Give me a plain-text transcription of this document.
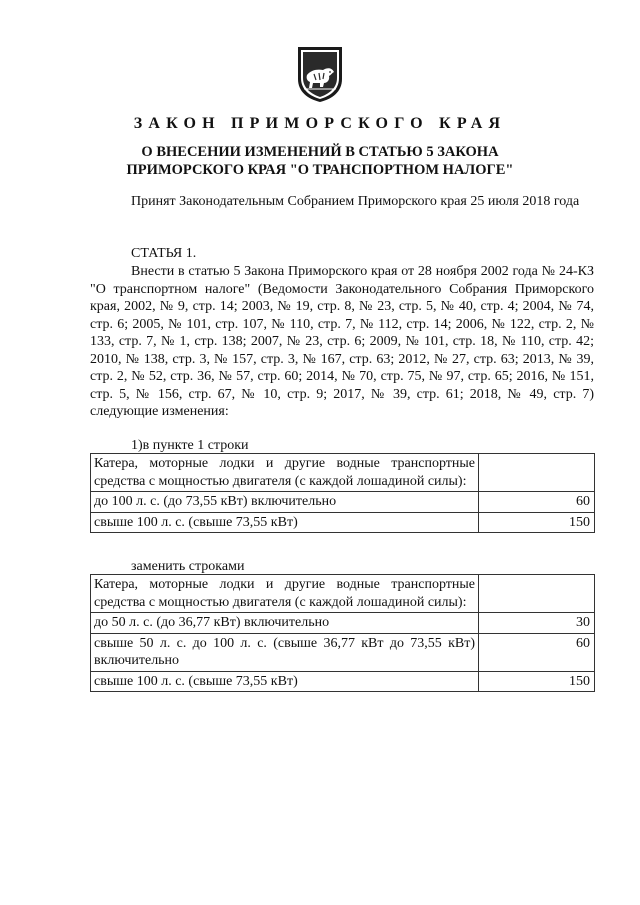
ЗАКОН ПРИМОРСКОГО КРАЯ
О ВНЕСЕНИИ ИЗМЕНЕНИЙ В СТАТЬЮ 5 ЗАКОНА
ПРИМОРСКОГО КРАЯ "О ТРАНСПОРТНОМ НАЛОГЕ"
Принят Законодательным Собранием Приморского края 25 июля 2018 года
СТАТЬЯ 1.
Внести в статью 5 Закона Приморского края от 28 ноября 2002 года № 24-КЗ "О транспортном налоге" (Ведомости Законодательного Собрания Приморского края, 2002, № 9, стр. 14; 2003, № 19, стр. 8, № 23, стр. 5, № 40, стр. 4; 2004, № 74, стр. 6; 2005, № 101, стр. 107, № 110, стр. 7, № 112, стр. 14; 2006, № 122, стр. 2, № 133, стр. 7, № 1, стр. 138; 2007, № 23, стр. 6; 2009, № 101, стр. 18, № 110, стр. 42; 2010, № 138, стр. 3, № 157, стр. 3, № 167, стр. 63; 2012, № 27, стр. 63; 2013, № 39, стр. 2, № 52, стр. 36, № 57, стр. 60; 2014, № 70, стр. 75, № 97, стр. 65; 2016, № 151, стр. 5, № 156, стр. 67, № 10, стр. 9; 2017, № 39, стр. 61; 2018, № 49, стр. 7) следующие изменения:
1)в пункте 1 строки
Катера, моторные лодки и другие водные транспортные средства с мощностью двигателя (с каждой лошадиной силы):	
до 100 л. с. (до 73,55 кВт) включительно	60
свыше 100 л. с. (свыше 73,55 кВт)	150
заменить строками
Катера, моторные лодки и другие водные транспортные средства с мощностью двигателя (с каждой лошадиной силы):	
до 50 л. с. (до 36,77 кВт) включительно	30
свыше 50 л. с. до 100 л. с. (свыше 36,77 кВт до 73,55 кВт) включительно	60
свыше 100 л. с. (свыше 73,55 кВт)	150
